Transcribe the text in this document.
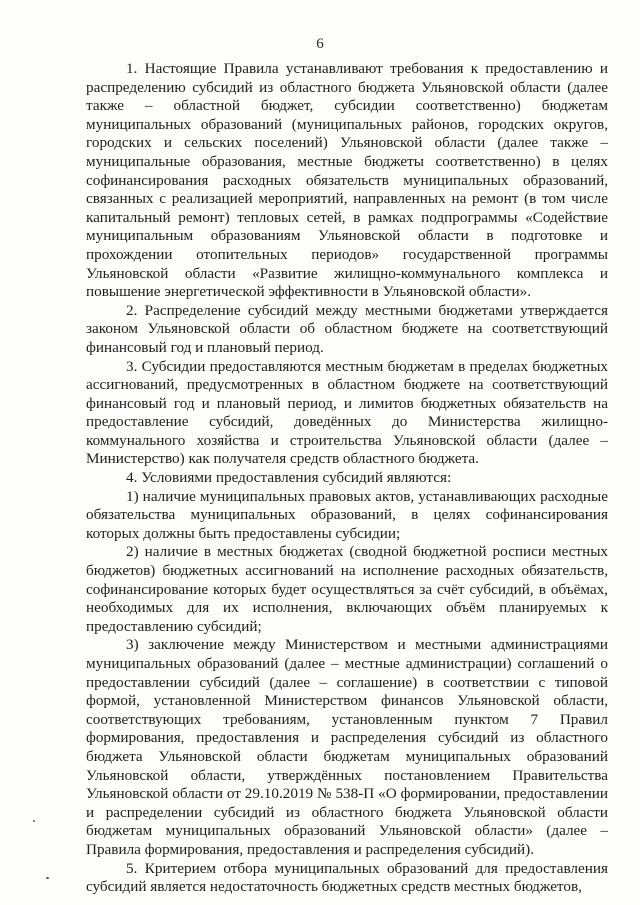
6

1. Настоящие Правила устанавливают требования к предоставлению и распределению субсидий из областного бюджета Ульяновской области (далее также – областной бюджет, субсидии соответственно) бюджетам муниципальных образований (муниципальных районов, городских округов, городских и сельских поселений) Ульяновской области (далее также – муниципальные образования, местные бюджеты соответственно) в целях софинансирования расходных обязательств муниципальных образований, связанных с реализацией мероприятий, направленных на ремонт (в том числе капитальный ремонт) тепловых сетей, в рамках подпрограммы «Содействие муниципальным образованиям Ульяновской области в подготовке и прохождении отопительных периодов» государственной программы Ульяновской области «Развитие жилищно-коммунального комплекса и повышение энергетической эффективности в Ульяновской области».

2. Распределение субсидий между местными бюджетами утверждается законом Ульяновской области об областном бюджете на соответствующий финансовый год и плановый период.

3. Субсидии предоставляются местным бюджетам в пределах бюджетных ассигнований, предусмотренных в областном бюджете на соответствующий финансовый год и плановый период, и лимитов бюджетных обязательств на предоставление субсидий, доведённых до Министерства жилищно-коммунального хозяйства и строительства Ульяновской области (далее – Министерство) как получателя средств областного бюджета.

4. Условиями предоставления субсидий являются:

1) наличие муниципальных правовых актов, устанавливающих расходные обязательства муниципальных образований, в целях софинансирования которых должны быть предоставлены субсидии;

2) наличие в местных бюджетах (сводной бюджетной росписи местных бюджетов) бюджетных ассигнований на исполнение расходных обязательств, софинансирование которых будет осуществляться за счёт субсидий, в объёмах, необходимых для их исполнения, включающих объём планируемых к предоставлению субсидий;

3) заключение между Министерством и местными администрациями муниципальных образований (далее – местные администрации) соглашений о предоставлении субсидий (далее – соглашение) в соответствии с типовой формой, установленной Министерством финансов Ульяновской области, соответствующих требованиям, установленным пунктом 7 Правил формирования, предоставления и распределения субсидий из областного бюджета Ульяновской области бюджетам муниципальных образований Ульяновской области, утверждённых постановлением Правительства Ульяновской области от 29.10.2019 № 538-П «О формировании, предоставлении и распределении субсидий из областного бюджета Ульяновской области бюджетам муниципальных образований Ульяновской области» (далее – Правила формирования, предоставления и распределения субсидий).

5. Критерием отбора муниципальных образований для предоставления субсидий является недостаточность бюджетных средств местных бюджетов,
